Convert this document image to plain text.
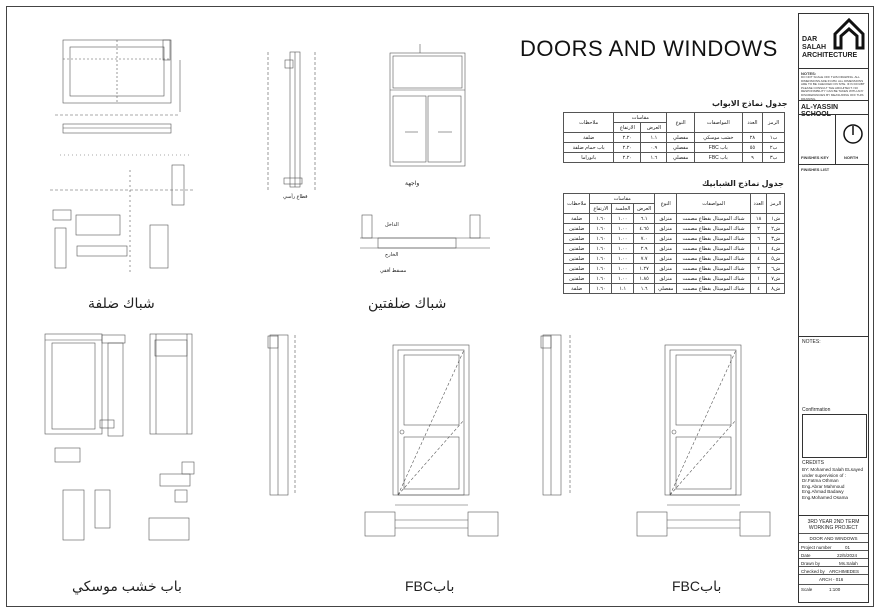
DOORS AND WINDOWS
واجهة
قطاع رأسي
الداخل
الخارج
مسقط أفقي
شباك ضلفة	شباك ضلفتين
باب خشب موسكي	FBCباب	FBCباب
جدول نماذج الابواب
الرمز	العدد	المواصفات	النوع	مقاسات		ملاحظات
				العرض	الارتفاع	
ب١	٢٨	خشب موسكي	مفصلي	١.١	٢.٢٠	ضلفة
ب٢	٥٥	باب FBC	مفصلي	٠.٩	٢.٢٠	باب حمام ضلفة
ب٣	٩	باب FBC	مفصلي	١.٦	٢.٢٠	بانوراما
جدول نماذج الشبابيك
الرمز	العدد	المواصفات	النوع	مقاسات			ملاحظات
				العرض	الجلسة	الارتفاع	
ش١	١٨	شباك الموميتال بقطاع مصمت	منزلق	٦.١	١.٠٠	١.٦٠	ضلفة
ش٢	٢	شباك الموميتال بقطاع مصمت	منزلق	٤.٦٥	١.٠٠	١.٦٠	ضلفتين
ش٣	٦	شباك الموميتال بقطاع مصمت	منزلق	٧.٠	١.٠٠	١.٦٠	ضلفتين
ش٤	١	شباك الموميتال بقطاع مصمت	منزلق	٢.٩	١.٠٠	١.٦٠	ضلفتين
ش٥	٤	شباك الموميتال بقطاع مصمت	منزلق	٧.٧	١.٠٠	١.٦٠	ضلفتين
ش٦	٢	شباك الموميتال بقطاع مصمت	منزلق	١.٢٧	١.٠٠	١.٦٠	ضلفتين
ش٧	١	شباك الموميتال بقطاع مصمت	منزلق	١.٨٥	١.٠٠	١.٦٠	ضلفتين
ش٨	٤	شباك الموميتال بقطاع مصمت	مفصلي	١.٦	١.١	١.٦٠	ضلفة
DAR
SALAH
ARCHITECTURE
NOTES:
DO NOT SCALE OFF THIS DRAWING. ALL DIMENSIONS ARE IN MM. ALL DIMENSIONS ARE TO BE CHECKED ON SITE. IF IN DOUBT PLEASE CONSULT THE ARCHITECT. NO RESPONSIBILITY CAN BE TAKEN WITH ANY DISCREPANCIES BY MEASURING OFF THIS DRAWING.
AL-YASSIN SCHOOL
FINISHES KEY	NORTH
FINISHES LIST
NOTES:
Confirmation
CREDITS
BY: Mohamed Salah ELsayed
under supervision of :
Dr.Fatma Othman
Eng.Abrar Mahmoud
Eng.Ahmad Badawy
Eng.Mohamed Osama
3RD YEAR 2ND TERM
WORKING PROJECT
DOOR AND WINDOWS
Project number	01
Date	22/5/2024
Drawn by	Ms.Salah
Checked by ARCHIMEDES
ARCH - 016
Scale	1:100
